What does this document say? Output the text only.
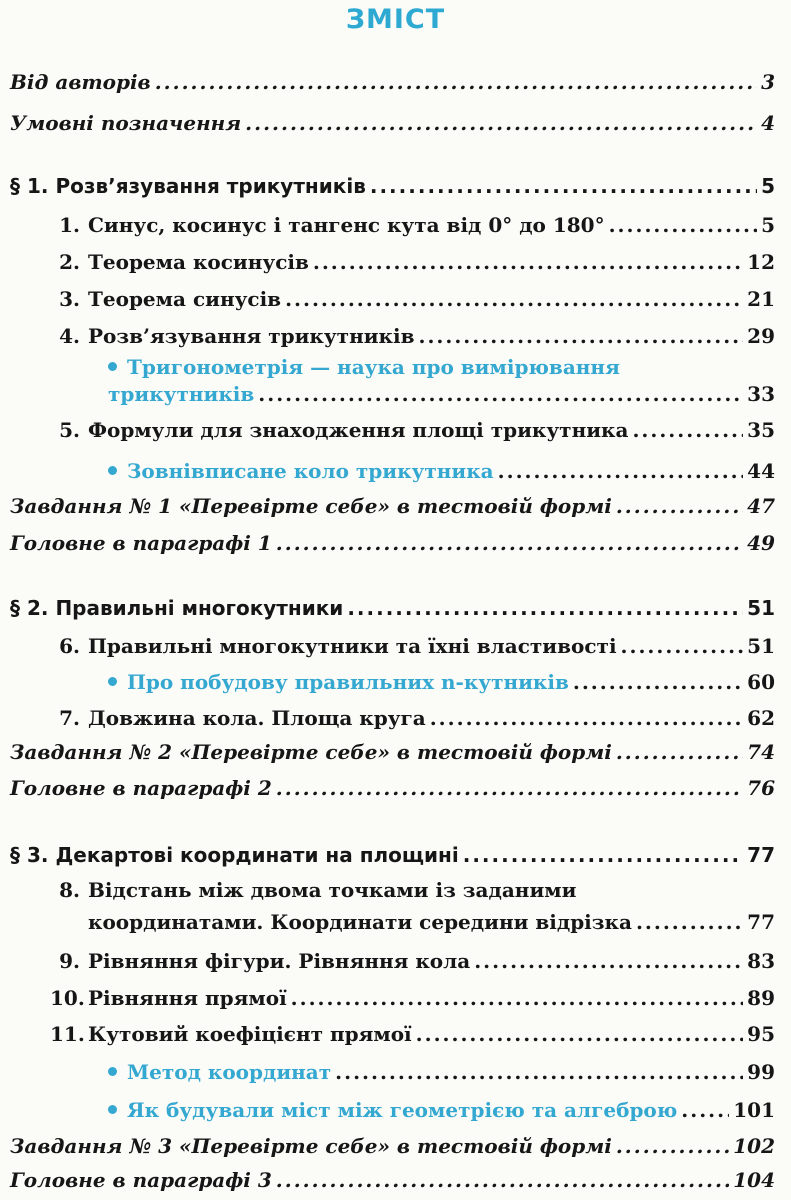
ЗМІСТ
Від авторів .....	3
Умовні позначення .....	4
§ 1. Розв’язування трикутників .....	5
1. Синус, косинус і тангенс кута від 0° до 180° .....	5
2. Теорема косинусів .....	12
3. Теорема синусів .....	21
4. Розв’язування трикутників .....	29
Тригонометрія — наука про вимірювання
трикутників .....	33
5. Формули для знаходження площі трикутника .....	35
Зовнівписане коло трикутника .....	44
Завдання № 1 «Перевірте себе» в тестовій формі .....	47
Головне в параграфі 1 .....	49
§ 2. Правильні многокутники .....	51
6. Правильні многокутники та їхні властивості .....	51
Про побудову правильних n-кутників .....	60
7. Довжина кола. Площа круга .....	62
Завдання № 2 «Перевірте себе» в тестовій формі .....	74
Головне в параграфі 2 .....	76
§ 3. Декартові координати на площині .....	77
8. Відстань між двома точками із заданими
координатами. Координати середини відрізка .....	77
9. Рівняння фігури. Рівняння кола .....	83
10. Рівняння прямої .....	89
11. Кутовий коефіцієнт прямої .....	95
Метод координат .....	99
Як будували міст між геометрією та алгеброю .....	101
Завдання № 3 «Перевірте себе» в тестовій формі .....	102
Головне в параграфі 3 .....	104
